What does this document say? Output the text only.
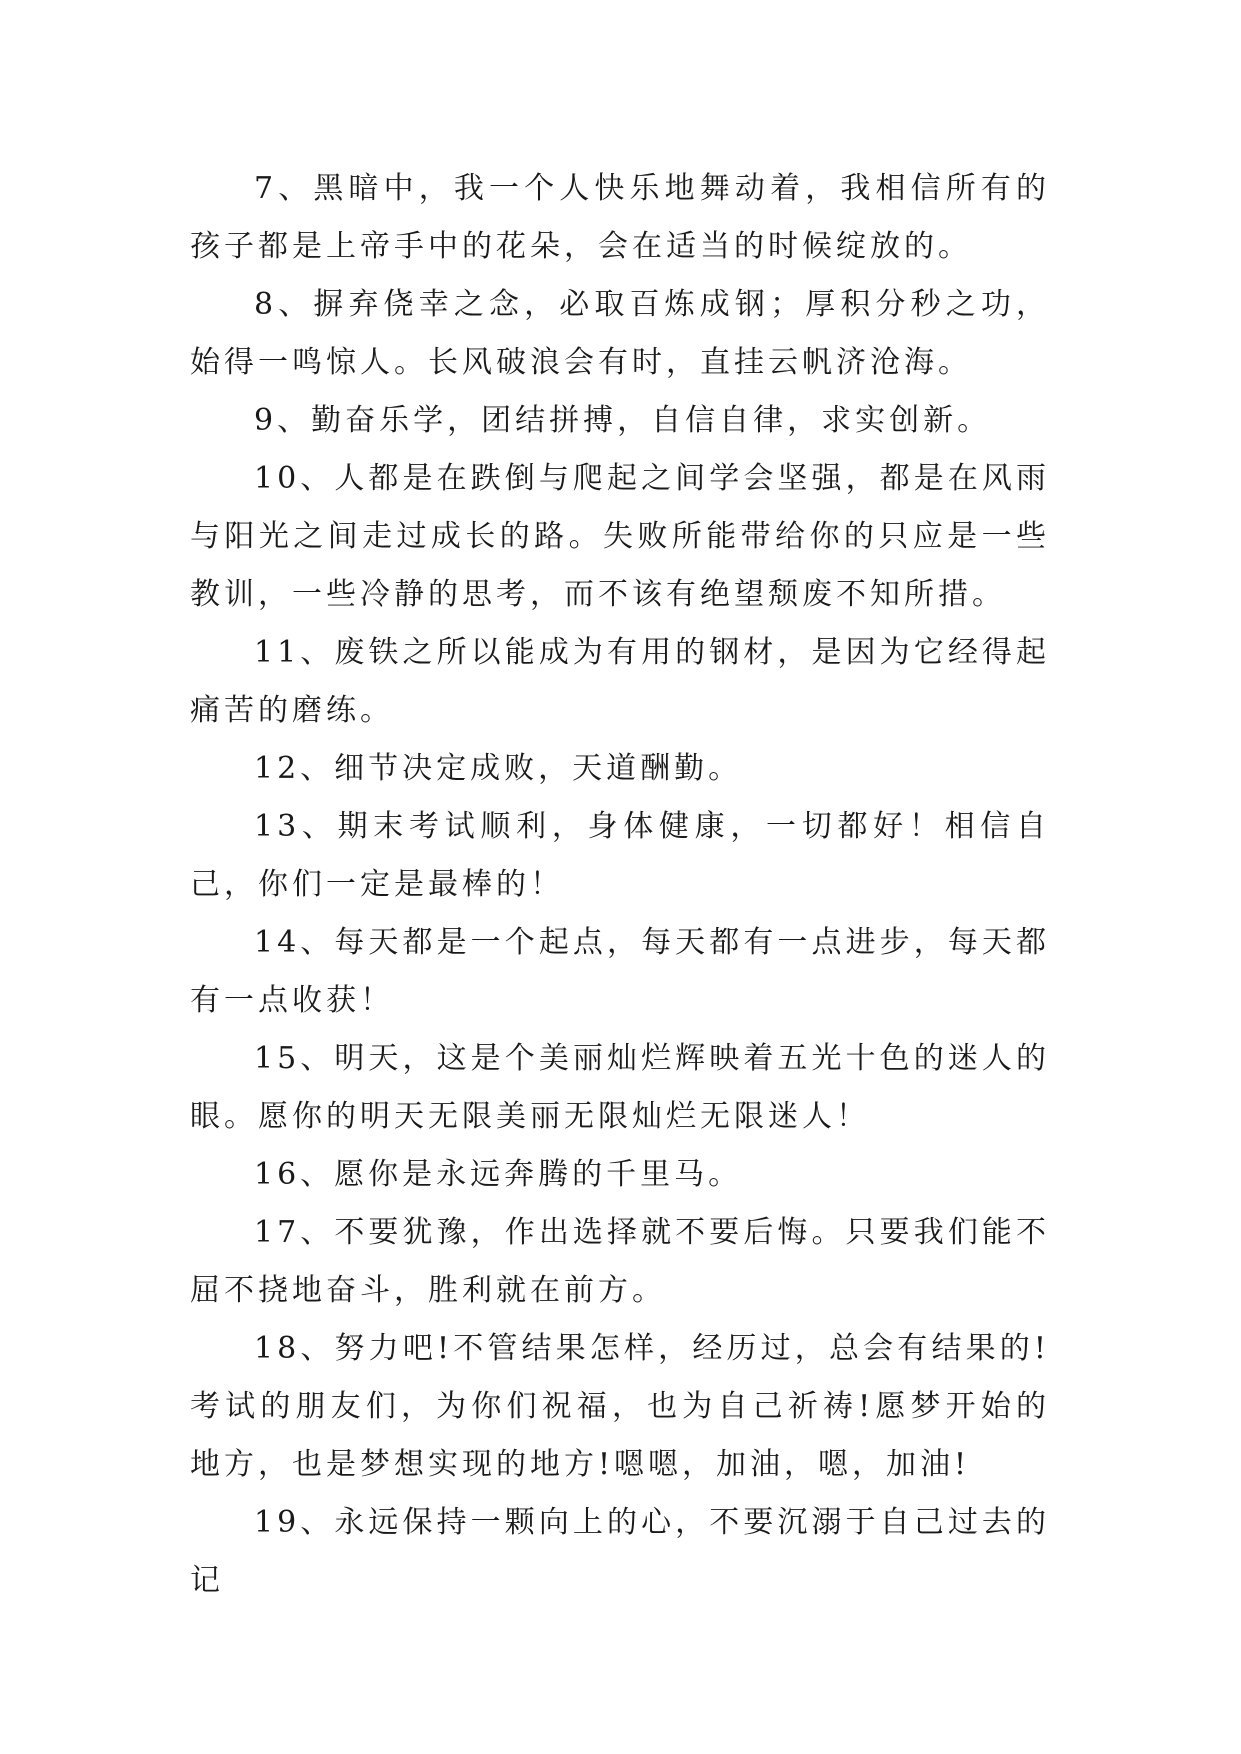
7、黑暗中，我一个人快乐地舞动着，我相信所有的孩子都是上帝手中的花朵，会在适当的时候绽放的。

8、摒弃侥幸之念，必取百炼成钢；厚积分秒之功，始得一鸣惊人。长风破浪会有时，直挂云帆济沧海。

9、勤奋乐学，团结拼搏，自信自律，求实创新。

10、人都是在跌倒与爬起之间学会坚强，都是在风雨与阳光之间走过成长的路。失败所能带给你的只应是一些教训，一些冷静的思考，而不该有绝望颓废不知所措。

11、废铁之所以能成为有用的钢材，是因为它经得起痛苦的磨练。

12、细节决定成败，天道酬勤。

13、期末考试顺利，身体健康，一切都好！相信自己，你们一定是最棒的！

14、每天都是一个起点，每天都有一点进步，每天都有一点收获！

15、明天，这是个美丽灿烂辉映着五光十色的迷人的眼。愿你的明天无限美丽无限灿烂无限迷人！

16、愿你是永远奔腾的千里马。

17、不要犹豫，作出选择就不要后悔。只要我们能不屈不挠地奋斗，胜利就在前方。

18、努力吧!不管结果怎样，经历过，总会有结果的!考试的朋友们，为你们祝福，也为自己祈祷!愿梦开始的地方，也是梦想实现的地方!嗯嗯，加油，嗯，加油!

19、永远保持一颗向上的心，不要沉溺于自己过去的记
